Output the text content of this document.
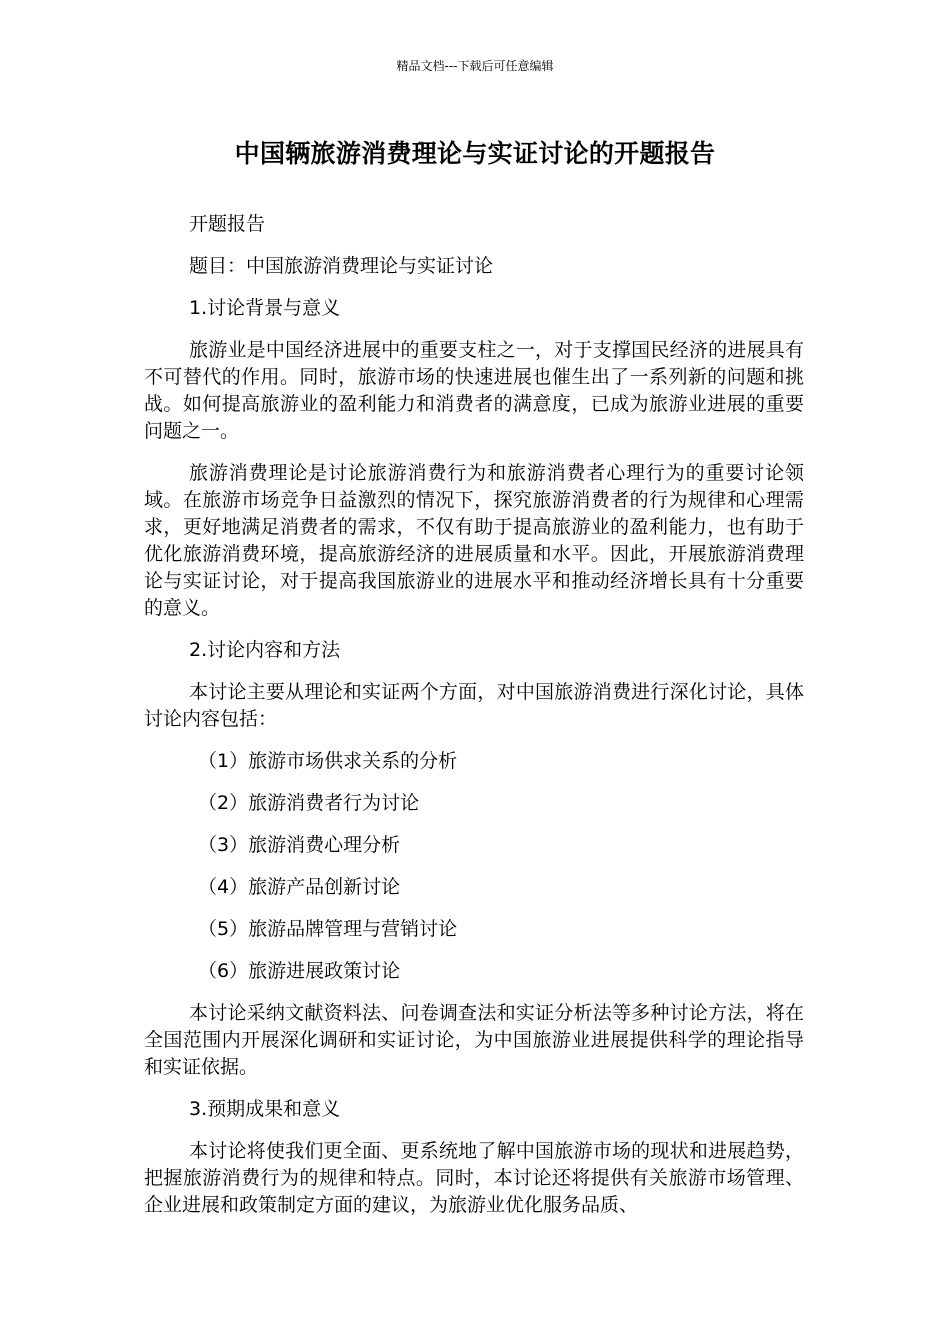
精品文档---下载后可任意编辑
中国辆旅游消费理论与实证讨论的开题报告
开题报告
题目：中国旅游消费理论与实证讨论
1.讨论背景与意义

旅游业是中国经济进展中的重要支柱之一，对于支撑国民经济的进展具有不可替代的作用。同时，旅游市场的快速进展也催生出了一系列新的问题和挑战。如何提高旅游业的盈利能力和消费者的满意度，已成为旅游业进展的重要问题之一。

旅游消费理论是讨论旅游消费行为和旅游消费者心理行为的重要讨论领域。在旅游市场竞争日益激烈的情况下，探究旅游消费者的行为规律和心理需求，更好地满足消费者的需求，不仅有助于提高旅游业的盈利能力，也有助于优化旅游消费环境，提高旅游经济的进展质量和水平。因此，开展旅游消费理论与实证讨论，对于提高我国旅游业的进展水平和推动经济增长具有十分重要的意义。

2.讨论内容和方法

本讨论主要从理论和实证两个方面，对中国旅游消费进行深化讨论，具体讨论内容包括：

（1）旅游市场供求关系的分析
（2）旅游消费者行为讨论
（3）旅游消费心理分析
（4）旅游产品创新讨论
（5）旅游品牌管理与营销讨论
（6）旅游进展政策讨论

本讨论采纳文献资料法、问卷调查法和实证分析法等多种讨论方法，将在全国范围内开展深化调研和实证讨论，为中国旅游业进展提供科学的理论指导和实证依据。

3.预期成果和意义

本讨论将使我们更全面、更系统地了解中国旅游市场的现状和进展趋势，把握旅游消费行为的规律和特点。同时，本讨论还将提供有关旅游市场管理、企业进展和政策制定方面的建议，为旅游业优化服务品质、
